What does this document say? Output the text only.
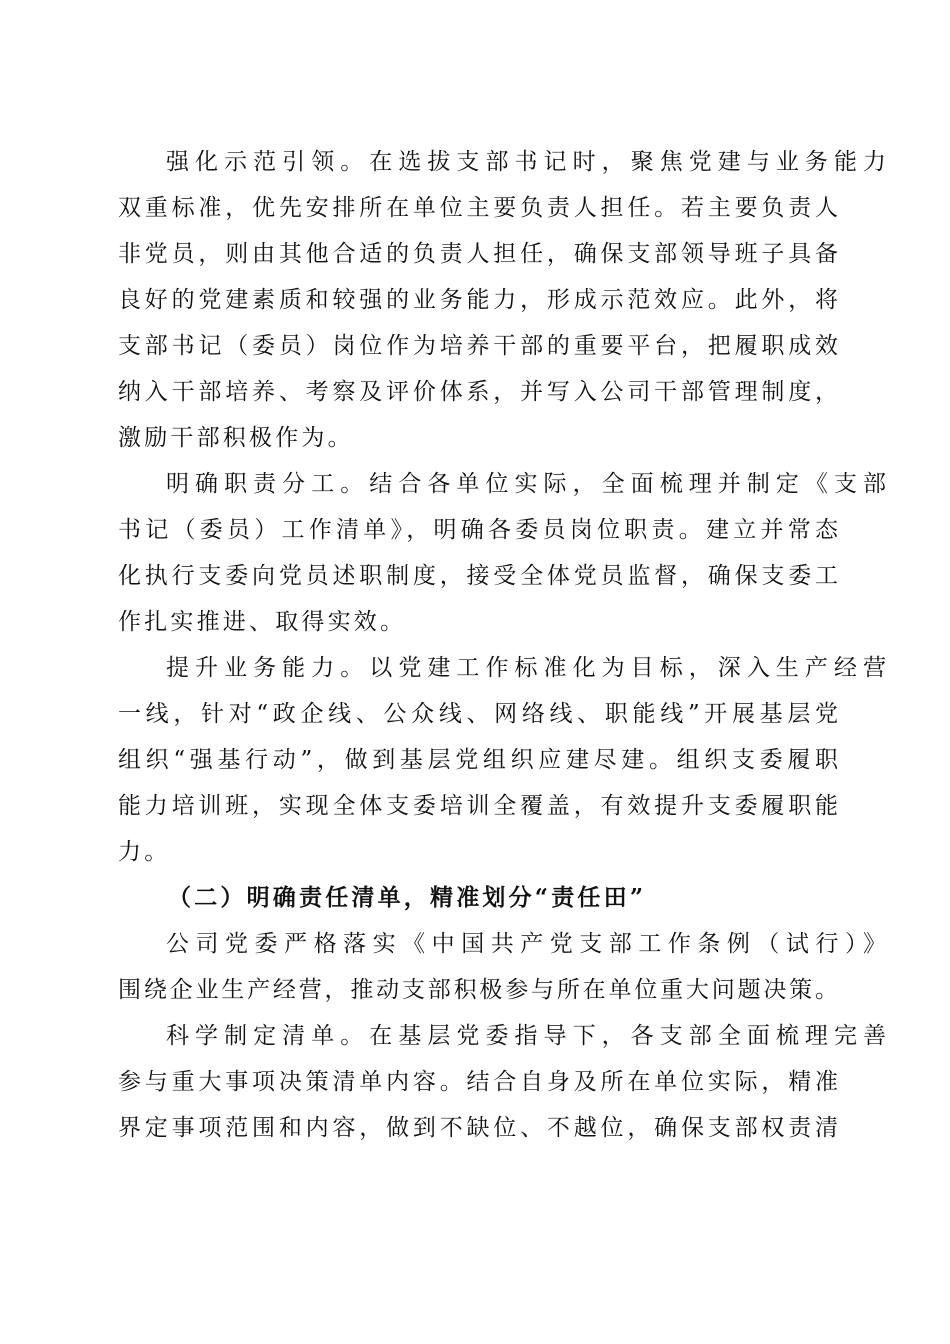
强化示范引领。在选拔支部书记时，聚焦党建与业务能力
双重标准，优先安排所在单位主要负责人担任。若主要负责人
非党员，则由其他合适的负责人担任，确保支部领导班子具备
良好的党建素质和较强的业务能力，形成示范效应。此外，将
支部书记（委员）岗位作为培养干部的重要平台，把履职成效
纳入干部培养、考察及评价体系，并写入公司干部管理制度，
激励干部积极作为。
明确职责分工。结合各单位实际，全面梳理并制定《支部
书记（委员）工作清单》，明确各委员岗位职责。建立并常态
化执行支委向党员述职制度，接受全体党员监督，确保支委工
作扎实推进、取得实效。
提升业务能力。以党建工作标准化为目标，深入生产经营
一线，针对“政企线、公众线、网络线、职能线”开展基层党
组织“强基行动”，做到基层党组织应建尽建。组织支委履职
能力培训班，实现全体支委培训全覆盖，有效提升支委履职能
力。
（二）明确责任清单，精准划分“责任田”
公司党委严格落实《中国共产党支部工作条例（试行）》
围绕企业生产经营，推动支部积极参与所在单位重大问题决策。
科学制定清单。在基层党委指导下，各支部全面梳理完善
参与重大事项决策清单内容。结合自身及所在单位实际，精准
界定事项范围和内容，做到不缺位、不越位，确保支部权责清
